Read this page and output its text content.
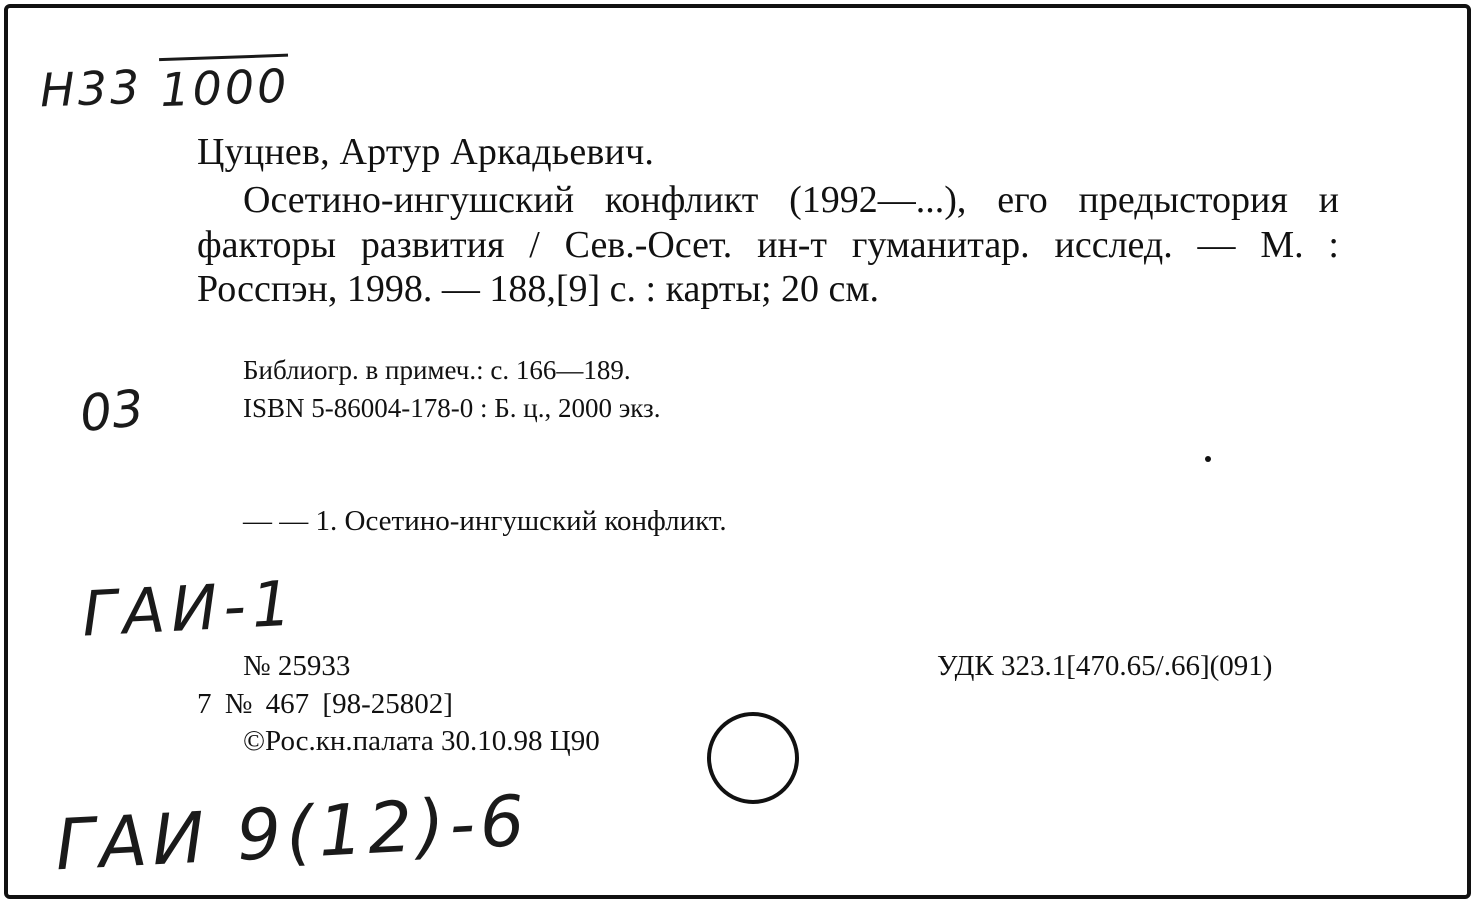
H33 1000
03
ГАИ-1
ГАИ 9(12)-6
Цуцнев, Артур Аркадьевич.
Осетино-ингушский конфликт (1992—...), его предыстория и факторы развития / Сев.-Осет. ин-т гуманитар. исслед. — М. : Росспэн, 1998. — 188,[9] с. : карты; 20 см.
Библиогр. в примеч.: с. 166—189.
ISBN 5-86004-178-0 : Б. ц., 2000 экз.
— — 1. Осетино-ингушский конфликт.
№ 25933	УДК 323.1[470.65/.66](091)
7 № 467 [98-25802]
©Рос.кн.палата 30.10.98 Ц90
